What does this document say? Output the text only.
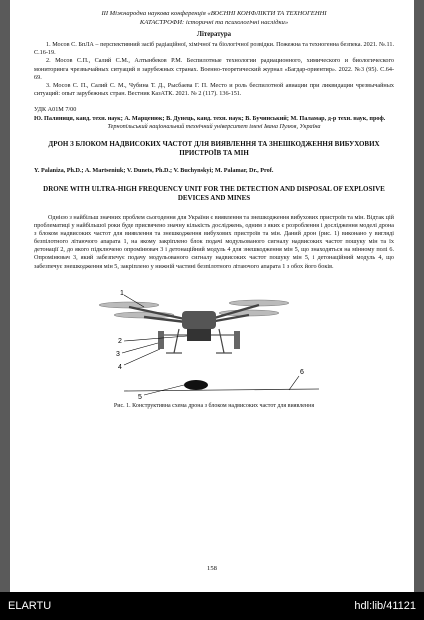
ІІІ Міжнародна наукова конференція «ВОЄННІ КОНФЛІКТИ ТА ТЕХНОГЕННІ
КАТАСТРОФИ: історичні та психологічні наслідки»
Література

1. Мосов С. БпЛА – перспективний засіб радіаційної, хімічної та біологічної розвідки. Пожежна та техногенна безпека. 2021. №.11. С.16-19.

2. Мосов С.П., Салий С.М., Алтынбеков Р.М. Беспилотные технологии радиационного, химического и биологического мониторинга чрезвычайных ситуаций в зарубежных странах. Военно-теоретический журнал «Багдар-ориентир». 2022. №3 (95). С.64-69.

3. Мосов С. П., Салий С. М., Чубина Т. Д., Рысбаева Г. П. Место и роль беспилотной авиации при ликвидации чрезвычайных ситуаций: опыт зарубежных стран. Вестник КазАТК. 2021. № 2 (117). 136-151.

УДК А01М 7/00
Ю. Паляниця, канд. техн. наук; А. Марценюк; В. Дунець, канд. техн. наук; В. Бучинський; М. Паламар, д-р техн. наук, проф.
Тернопільський національний технічний університет імені Івана Пулюя, Україна
ДРОН З БЛОКОМ НАДВИСОКИХ ЧАСТОТ ДЛЯ ВИЯВЛЕННЯ ТА ЗНЕШКОДЖЕННЯ ВИБУХОВИХ ПРИСТРОЇВ ТА МІН
Y. Palaniza, Ph.D.; A. Martseniuk; V. Dunets, Ph.D.; V. Buchynskyi; M. Palamar, Dr., Prof.
DRONE WITH ULTRA-HIGH FREQUENCY UNIT FOR THE DETECTION AND DISPOSAL OF EXPLOSIVE DEVICES AND MINES

Однією з найбільш значних проблем сьогодення для України є виявлення та знешкодження вибухових пристроїв та мін. Відтак цій проблематиці у найбільшої роки буде присвячено значну кількість досліджень, одним з яких є розроблення і дослідження моделі дрона з блоком надвисоких частот для виявлення та знешкодження вибухових пристроїв та мін. Даний дрон (рис. 1) виконано у вигляді безпілотного літаючого апарата 1, на якому закріплено блок подачі модульованого сигналу надвисоких частот пошуку мін та їх детонації 2, до якого підключено опромінювач 3 і детонаційний модуль 4 для знешкодження мін 5, що знаходяться на мінному полі 6. Опромінювач 3, який забезпечує подачу модульованого сигналу надвисоких частот пошуку мін 5, і детонаційний модуль 4, що забезпечує знешкодження мін 5, закріплено у нижній частині безпілотного літаючого апарата 1 з обох його боків.

1
2
3
4
5
6
Рис. 1. Конструктивна схема дрона з блоком надвисоких частот для виявлення
158
ELARTU	hdl:lib/41121
